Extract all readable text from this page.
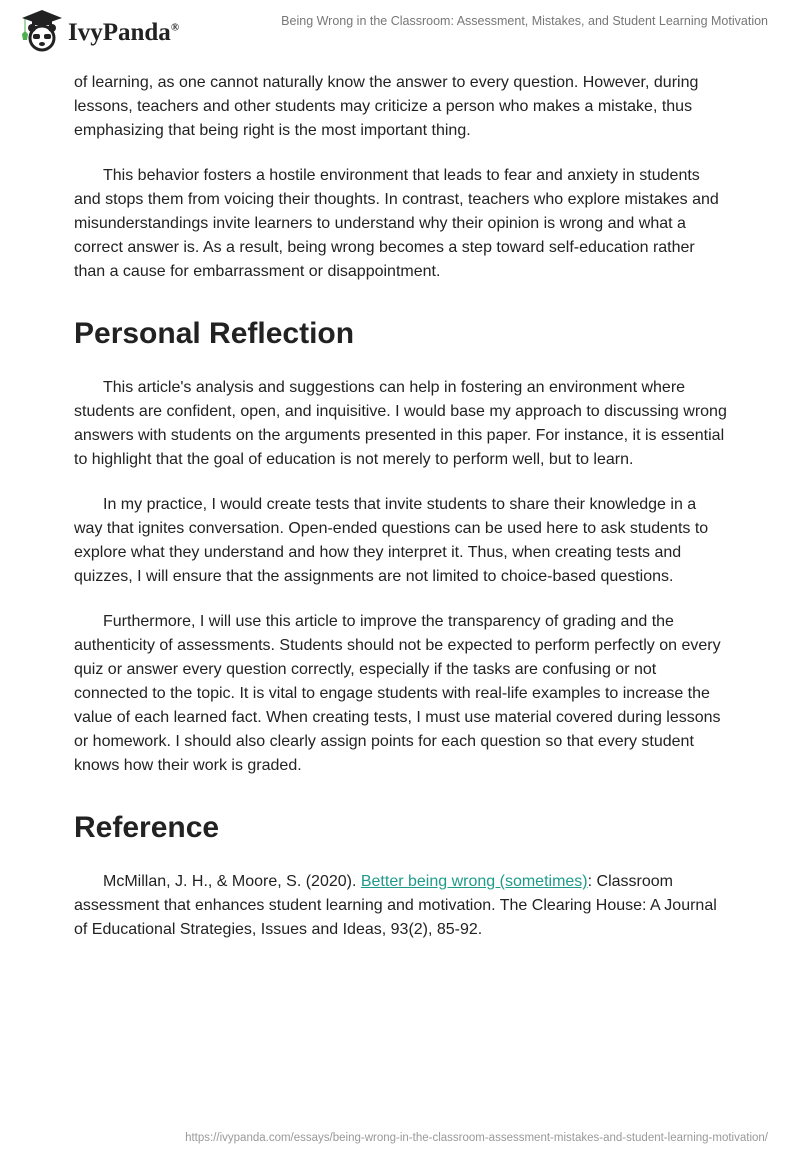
IvyPanda®	Being Wrong in the Classroom: Assessment, Mistakes, and Student Learning Motivation

of learning, as one cannot naturally know the answer to every question. However, during lessons, teachers and other students may criticize a person who makes a mistake, thus emphasizing that being right is the most important thing.

This behavior fosters a hostile environment that leads to fear and anxiety in students and stops them from voicing their thoughts. In contrast, teachers who explore mistakes and misunderstandings invite learners to understand why their opinion is wrong and what a correct answer is. As a result, being wrong becomes a step toward self-education rather than a cause for embarrassment or disappointment.

Personal Reflection

This article's analysis and suggestions can help in fostering an environment where students are confident, open, and inquisitive. I would base my approach to discussing wrong answers with students on the arguments presented in this paper. For instance, it is essential to highlight that the goal of education is not merely to perform well, but to learn.

In my practice, I would create tests that invite students to share their knowledge in a way that ignites conversation. Open-ended questions can be used here to ask students to explore what they understand and how they interpret it. Thus, when creating tests and quizzes, I will ensure that the assignments are not limited to choice-based questions.

Furthermore, I will use this article to improve the transparency of grading and the authenticity of assessments. Students should not be expected to perform perfectly on every quiz or answer every question correctly, especially if the tasks are confusing or not connected to the topic. It is vital to engage students with real-life examples to increase the value of each learned fact. When creating tests, I must use material covered during lessons or homework. I should also clearly assign points for each question so that every student knows how their work is graded.

Reference

McMillan, J. H., & Moore, S. (2020). Better being wrong (sometimes): Classroom assessment that enhances student learning and motivation. The Clearing House: A Journal of Educational Strategies, Issues and Ideas, 93(2), 85-92.

https://ivypanda.com/essays/being-wrong-in-the-classroom-assessment-mistakes-and-student-learning-motivation/
